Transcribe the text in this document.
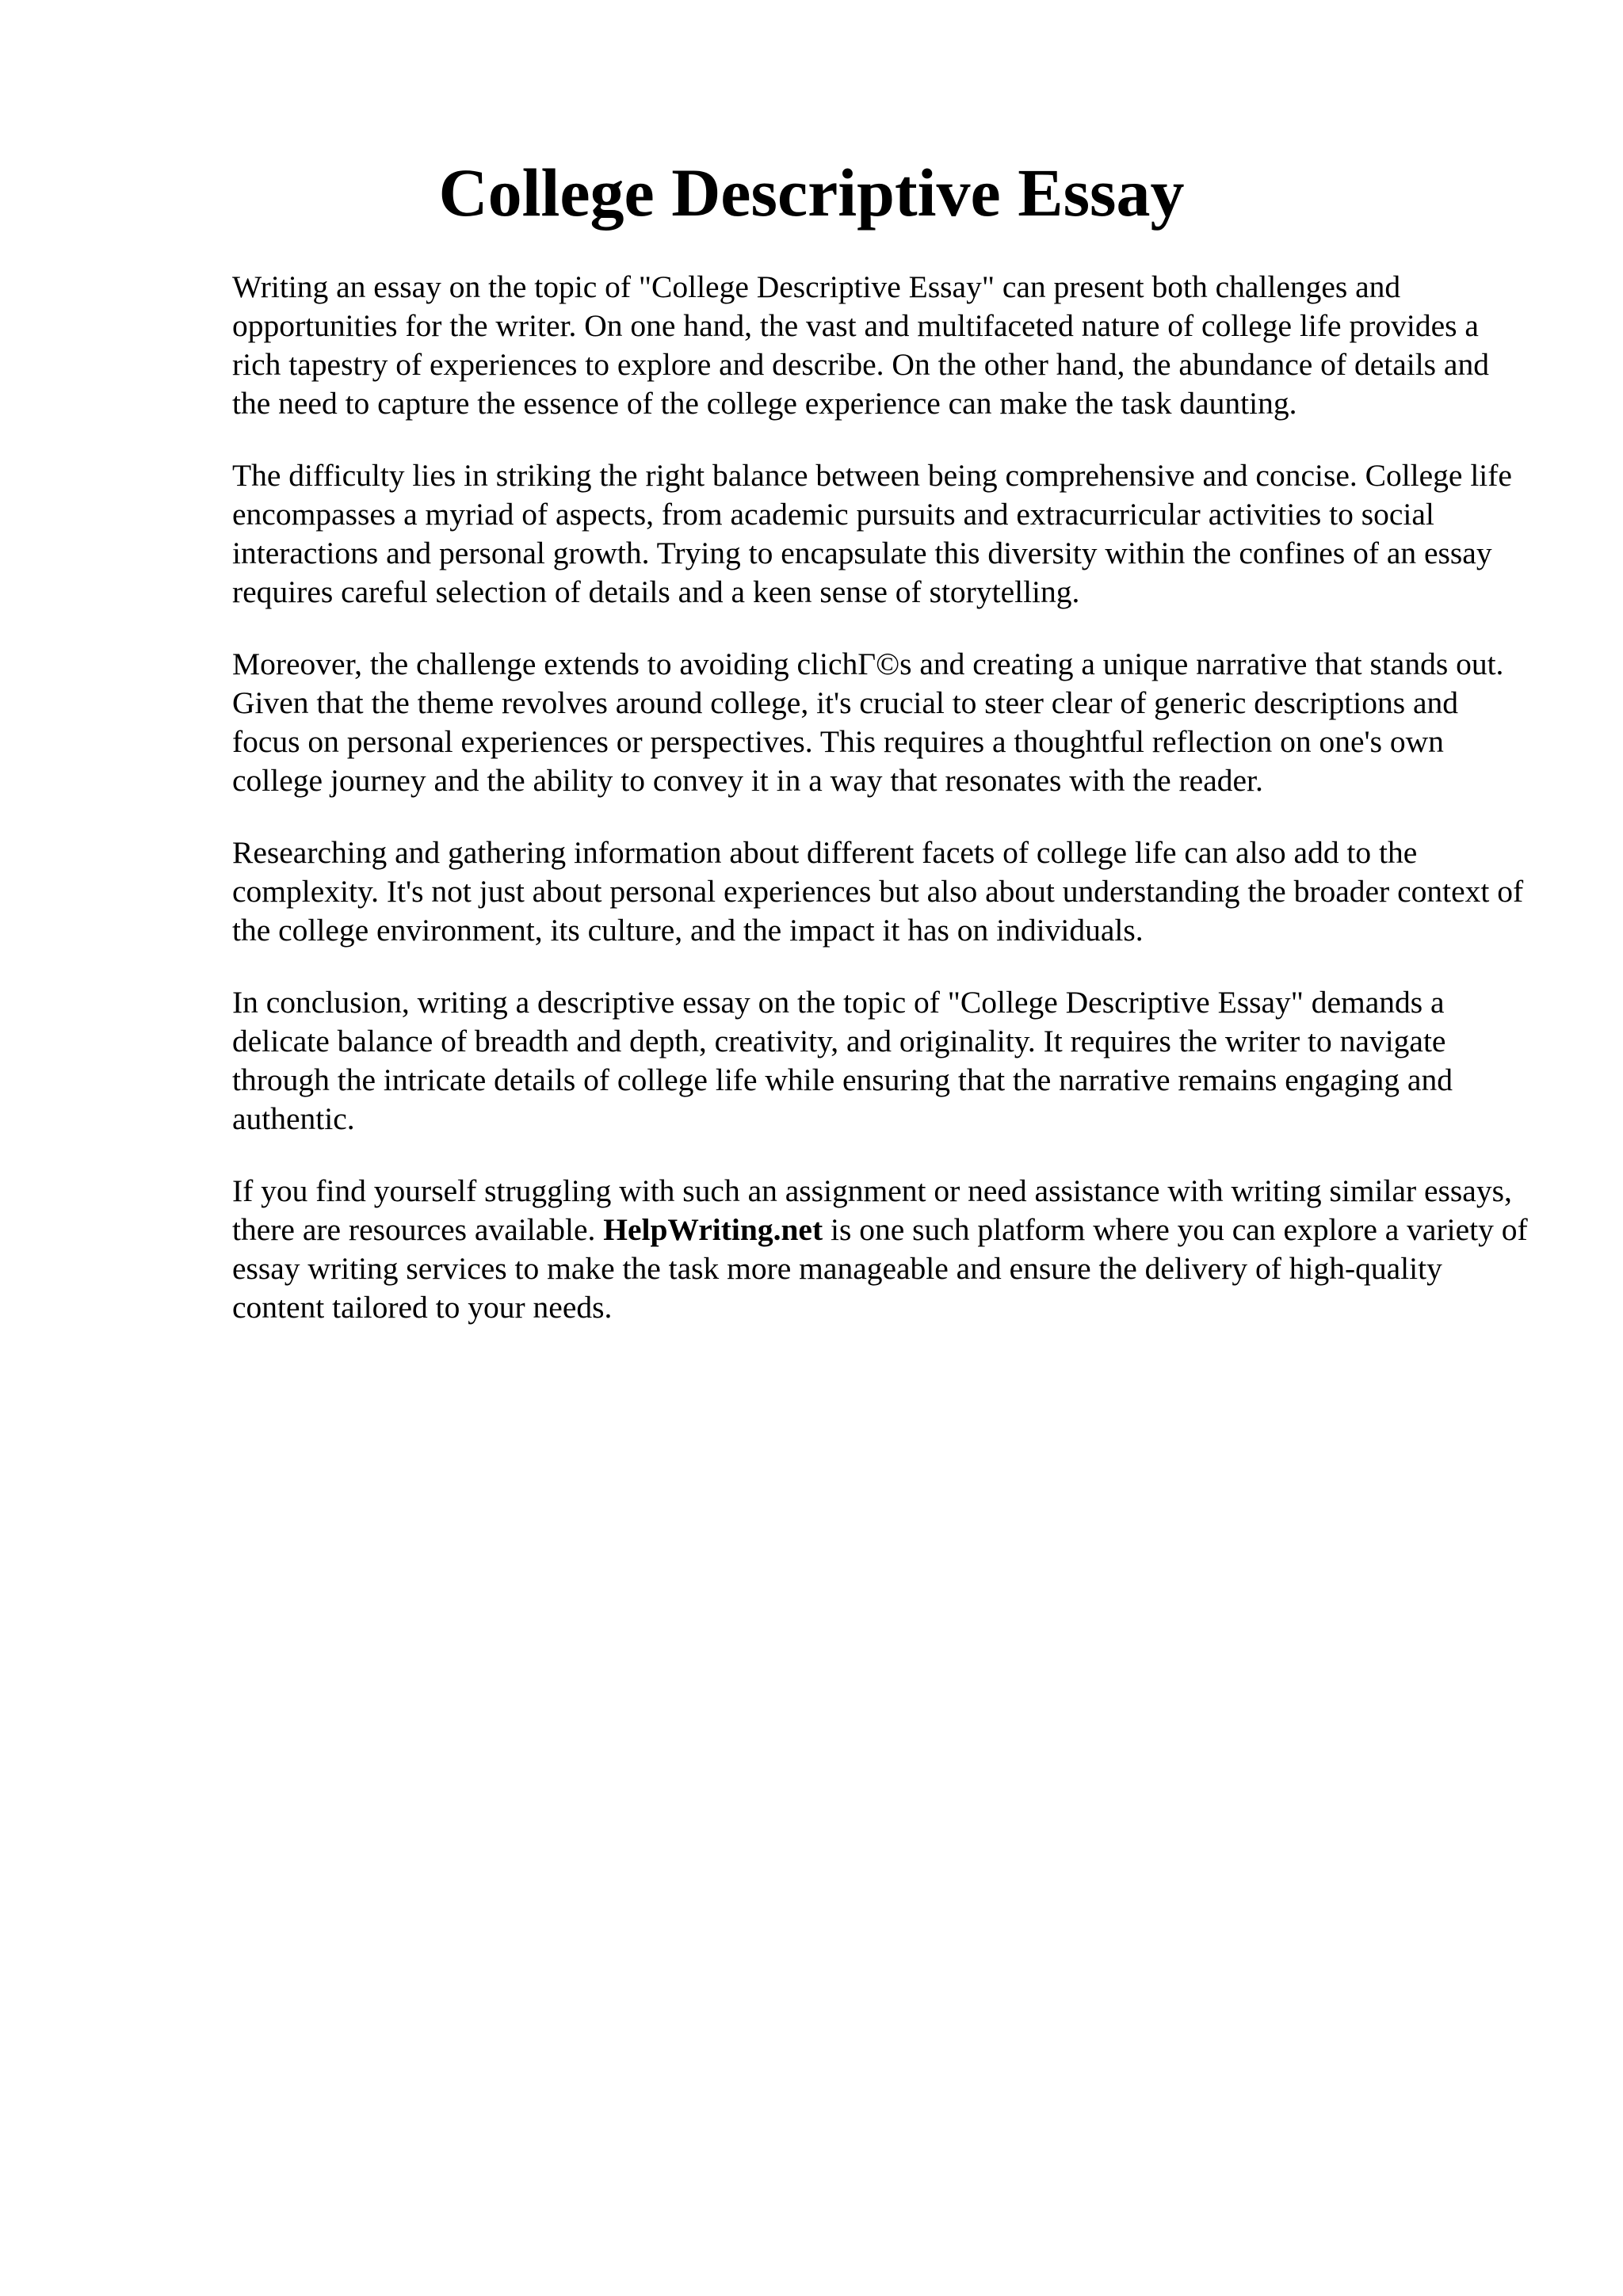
College Descriptive Essay

Writing an essay on the topic of "College Descriptive Essay" can present both challenges and opportunities for the writer. On one hand, the vast and multifaceted nature of college life provides a rich tapestry of experiences to explore and describe. On the other hand, the abundance of details and the need to capture the essence of the college experience can make the task daunting.

The difficulty lies in striking the right balance between being comprehensive and concise. College life encompasses a myriad of aspects, from academic pursuits and extracurricular activities to social interactions and personal growth. Trying to encapsulate this diversity within the confines of an essay requires careful selection of details and a keen sense of storytelling.

Moreover, the challenge extends to avoiding clichГ©s and creating a unique narrative that stands out. Given that the theme revolves around college, it's crucial to steer clear of generic descriptions and focus on personal experiences or perspectives. This requires a thoughtful reflection on one's own college journey and the ability to convey it in a way that resonates with the reader.

Researching and gathering information about different facets of college life can also add to the complexity. It's not just about personal experiences but also about understanding the broader context of the college environment, its culture, and the impact it has on individuals.

In conclusion, writing a descriptive essay on the topic of "College Descriptive Essay" demands a delicate balance of breadth and depth, creativity, and originality. It requires the writer to navigate through the intricate details of college life while ensuring that the narrative remains engaging and authentic.

If you find yourself struggling with such an assignment or need assistance with writing similar essays, there are resources available. HelpWriting.net is one such platform where you can explore a variety of essay writing services to make the task more manageable and ensure the delivery of high-quality content tailored to your needs.
